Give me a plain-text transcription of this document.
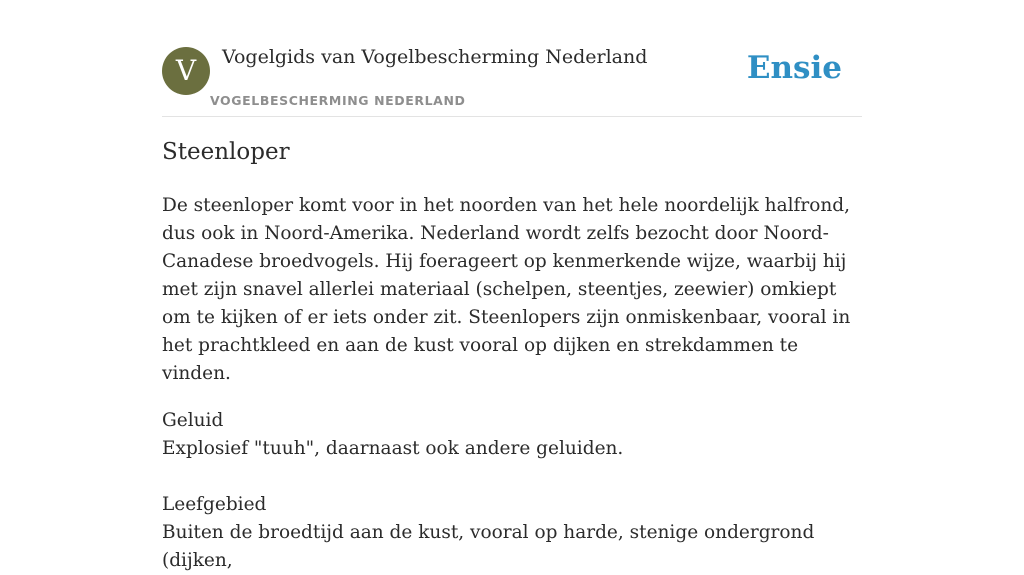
V	Vogelgids van Vogelbescherming Nederland
VOGELBESCHERMING NEDERLAND
Ensie
Steenloper

De steenloper komt voor in het noorden van het hele noordelijk halfrond, dus ook in Noord-Amerika. Nederland wordt zelfs bezocht door Noord-Canadese broedvogels. Hij foerageert op kenmerkende wijze, waarbij hij met zijn snavel allerlei materiaal (schelpen, steentjes, zeewier) omkiept om te kijken of er iets onder zit. Steenlopers zijn onmiskenbaar, vooral in het prachtkleed en aan de kust vooral op dijken en strekdammen te vinden.

Geluid
Explosief "tuuh", daarnaast ook andere geluiden.
Leefgebied
Buiten de broedtijd aan de kust, vooral op harde, stenige ondergrond (dijken,
